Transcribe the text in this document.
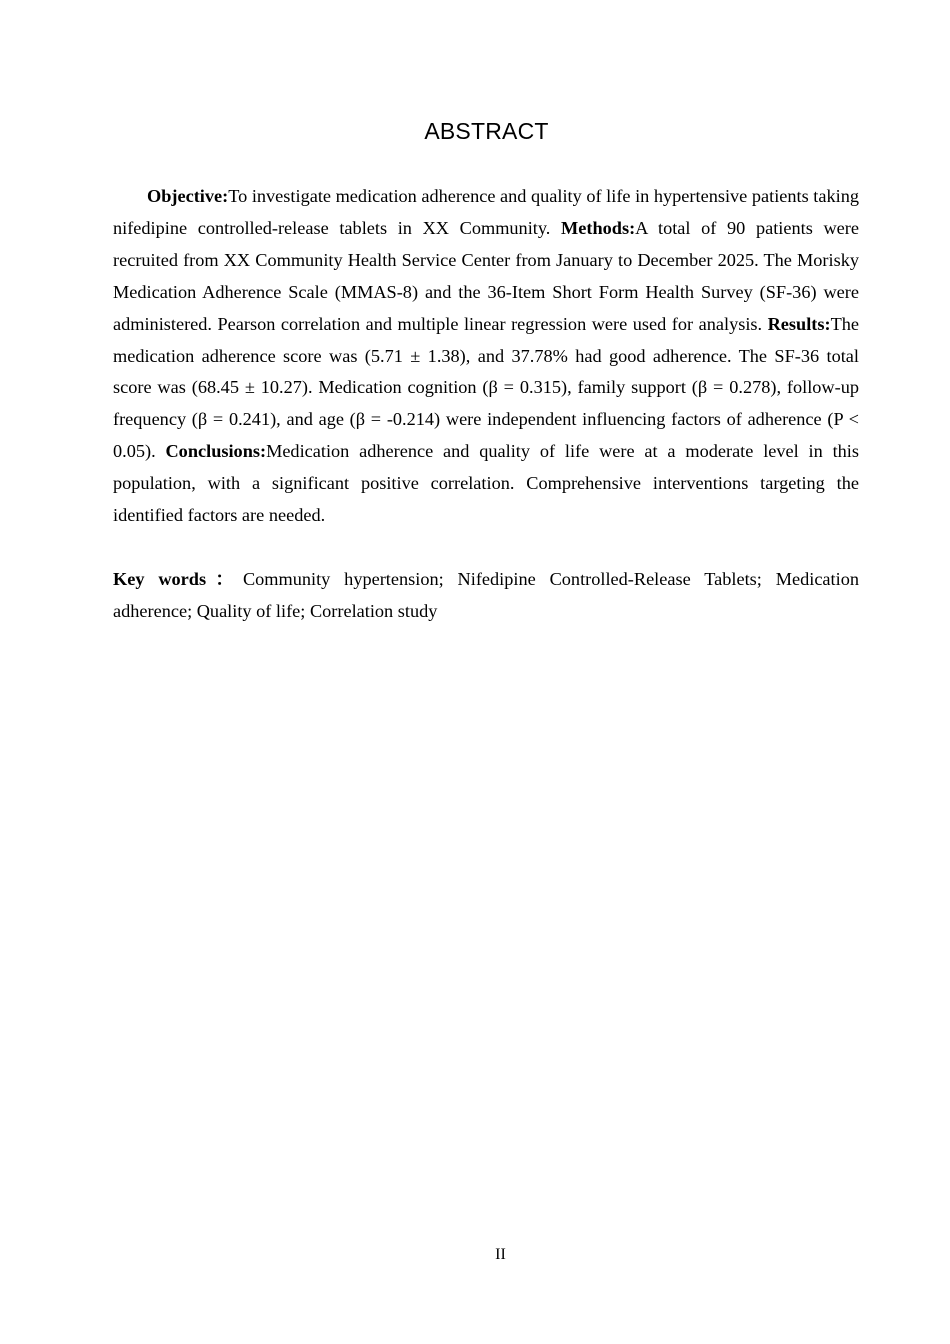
ABSTRACT

Objective:To investigate medication adherence and quality of life in hypertensive patients taking nifedipine controlled-release tablets in XX Community. Methods:A total of 90 patients were recruited from XX Community Health Service Center from January to December 2025. The Morisky Medication Adherence Scale (MMAS-8) and the 36-Item Short Form Health Survey (SF-36) were administered. Pearson correlation and multiple linear regression were used for analysis. Results:The medication adherence score was (5.71 ± 1.38), and 37.78% had good adherence. The SF-36 total score was (68.45 ± 10.27). Medication cognition (β = 0.315), family support (β = 0.278), follow-up frequency (β = 0.241), and age (β = -0.214) were independent influencing factors of adherence (P < 0.05). Conclusions:Medication adherence and quality of life were at a moderate level in this population, with a significant positive correlation. Comprehensive interventions targeting the identified factors are needed.

Key words：Community hypertension; Nifedipine Controlled-Release Tablets; Medication adherence; Quality of life; Correlation study

II
